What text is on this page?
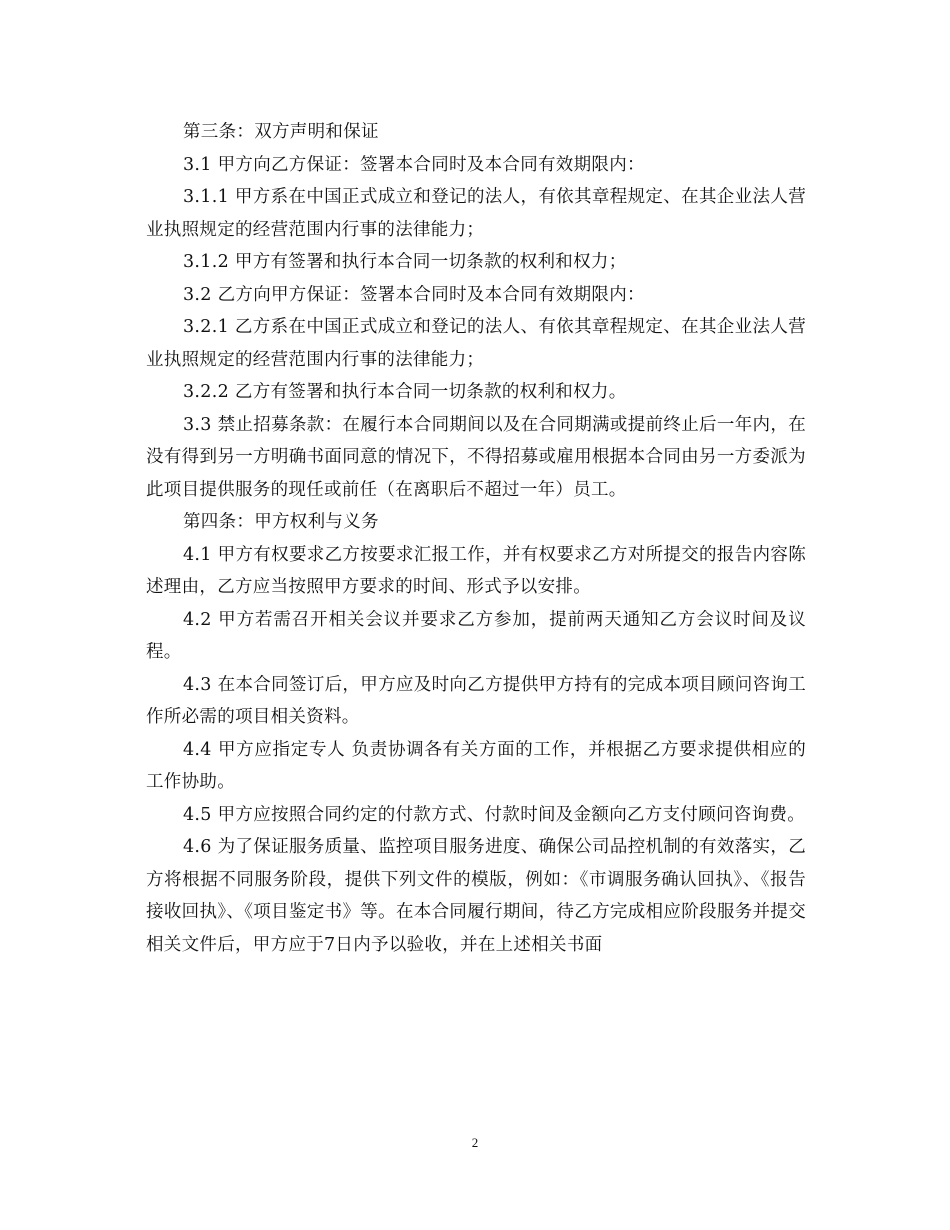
第三条：双方声明和保证

3.1 甲方向乙方保证：签署本合同时及本合同有效期限内：

3.1.1 甲方系在中国正式成立和登记的法人，有依其章程规定、在其企业法人营业执照规定的经营范围内行事的法律能力；

3.1.2 甲方有签署和执行本合同一切条款的权利和权力；

3.2 乙方向甲方保证：签署本合同时及本合同有效期限内：

3.2.1 乙方系在中国正式成立和登记的法人、有依其章程规定、在其企业法人营业执照规定的经营范围内行事的法律能力；

3.2.2 乙方有签署和执行本合同一切条款的权利和权力。

3.3 禁止招募条款：在履行本合同期间以及在合同期满或提前终止后一年内，在没有得到另一方明确书面同意的情况下，不得招募或雇用根据本合同由另一方委派为此项目提供服务的现任或前任（在离职后不超过一年）员工。

第四条：甲方权利与义务

4.1 甲方有权要求乙方按要求汇报工作，并有权要求乙方对所提交的报告内容陈述理由，乙方应当按照甲方要求的时间、形式予以安排。

4.2 甲方若需召开相关会议并要求乙方参加，提前两天通知乙方会议时间及议程。

4.3 在本合同签订后，甲方应及时向乙方提供甲方持有的完成本项目顾问咨询工作所必需的项目相关资料。

4.4 甲方应指定专人 负责协调各有关方面的工作，并根据乙方要求提供相应的工作协助。

4.5 甲方应按照合同约定的付款方式、付款时间及金额向乙方支付顾问咨询费。

4.6 为了保证服务质量、监控项目服务进度、确保公司品控机制的有效落实，乙方将根据不同服务阶段，提供下列文件的模版，例如：《市调服务确认回执》、《报告接收回执》、《项目鉴定书》等。在本合同履行期间，待乙方完成相应阶段服务并提交相关文件后，甲方应于7日内予以验收，并在上述相关书面

2
